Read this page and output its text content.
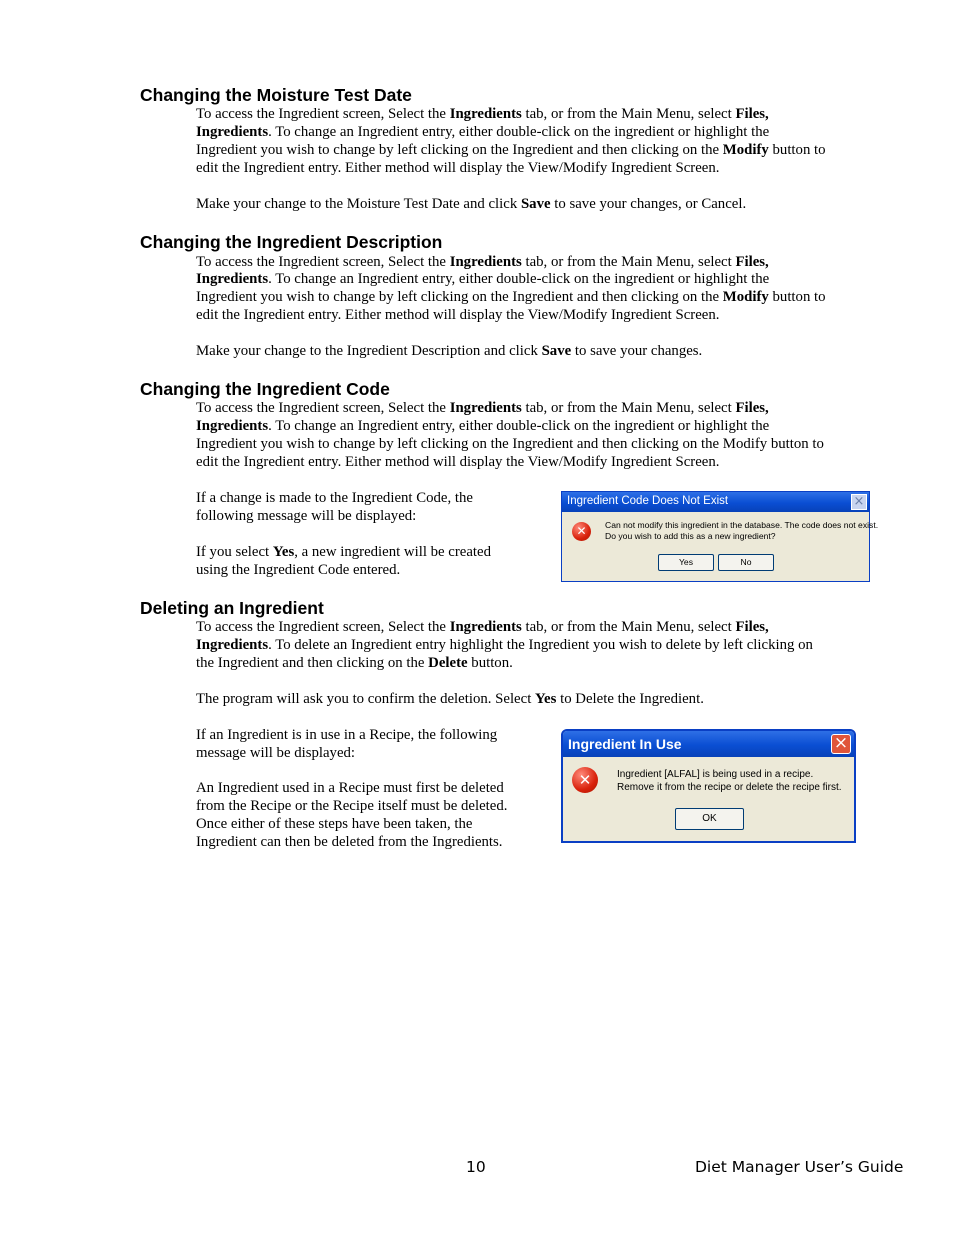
Changing the Moisture Test Date

To access the Ingredient screen, Select the Ingredients tab, or from the Main Menu, select Files,

Ingredients. To change an Ingredient entry, either double-click on the ingredient or highlight the

Ingredient you wish to change by left clicking on the Ingredient and then clicking on the Modify button to

edit the Ingredient entry. Either method will display the View/Modify Ingredient Screen.

Make your change to the Moisture Test Date and click Save to save your changes, or Cancel.

Changing the Ingredient Description

To access the Ingredient screen, Select the Ingredients tab, or from the Main Menu, select Files,

Ingredients. To change an Ingredient entry, either double-click on the ingredient or highlight the

Ingredient you wish to change by left clicking on the Ingredient and then clicking on the Modify button to

edit the Ingredient entry. Either method will display the View/Modify Ingredient Screen.

Make your change to the Ingredient Description and click Save to save your changes.

Changing the Ingredient Code

To access the Ingredient screen, Select the Ingredients tab, or from the Main Menu, select Files,

Ingredients. To change an Ingredient entry, either double-click on the ingredient or highlight the

Ingredient you wish to change by left clicking on the Ingredient and then clicking on the Modify button to

edit the Ingredient entry. Either method will display the View/Modify Ingredient Screen.

If a change is made to the Ingredient Code, the

following message will be displayed:

If you select Yes, a new ingredient will be created

using the Ingredient Code entered.

Ingredient Code Does Not Exist	×
✕	Can not modify this ingredient in the database. The code does not exist.
Do you wish to add this as a new ingredient?
Yes	No
Deleting an Ingredient

To access the Ingredient screen, Select the Ingredients tab, or from the Main Menu, select Files,

Ingredients. To delete an Ingredient entry highlight the Ingredient you wish to delete by left clicking on

the Ingredient and then clicking on the Delete button.

The program will ask you to confirm the deletion. Select Yes to Delete the Ingredient.

If an Ingredient is in use in a Recipe, the following

message will be displayed:

An Ingredient used in a Recipe must first be deleted

from the Recipe or the Recipe itself must be deleted.

Once either of these steps have been taken, the

Ingredient can then be deleted from the Ingredients.

Ingredient In Use	×
✕	Ingredient [ALFAL] is being used in a recipe.
Remove it from the recipe or delete the recipe first.
OK
10	Diet Manager User’s Guide
